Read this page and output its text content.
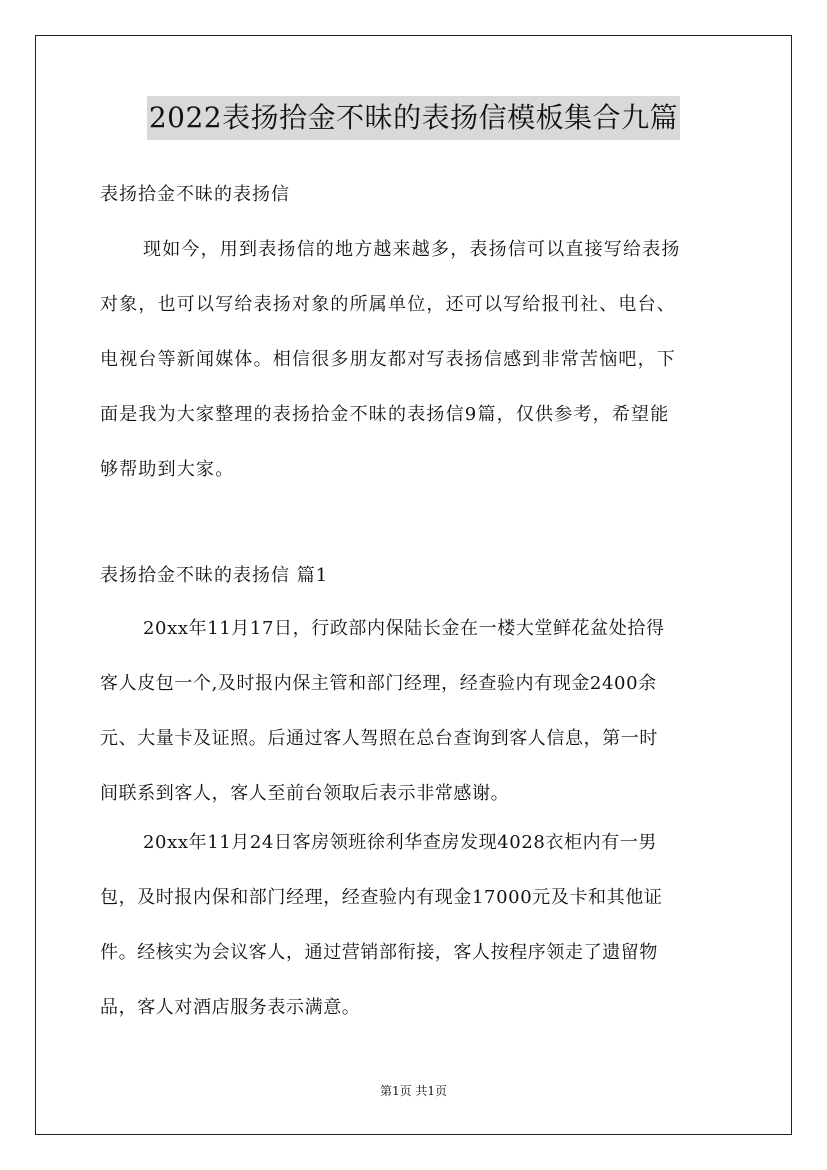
2022表扬拾金不昧的表扬信模板集合九篇
表扬拾金不昧的表扬信
现如今，用到表扬信的地方越来越多，表扬信可以直接写给表扬
对象，也可以写给表扬对象的所属单位，还可以写给报刊社、电台、
电视台等新闻媒体。相信很多朋友都对写表扬信感到非常苦恼吧，下
面是我为大家整理的表扬拾金不昧的表扬信9篇，仅供参考，希望能
够帮助到大家。
表扬拾金不昧的表扬信 篇1
20xx年11月17日，行政部内保陆长金在一楼大堂鲜花盆处拾得
客人皮包一个,及时报内保主管和部门经理，经查验内有现金2400余
元、大量卡及证照。后通过客人驾照在总台查询到客人信息，第一时
间联系到客人，客人至前台领取后表示非常感谢。
20xx年11月24日客房领班徐利华查房发现4028衣柜内有一男
包，及时报内保和部门经理，经查验内有现金17000元及卡和其他证
件。经核实为会议客人，通过营销部衔接，客人按程序领走了遗留物
品，客人对酒店服务表示满意。
第1页 共1页
